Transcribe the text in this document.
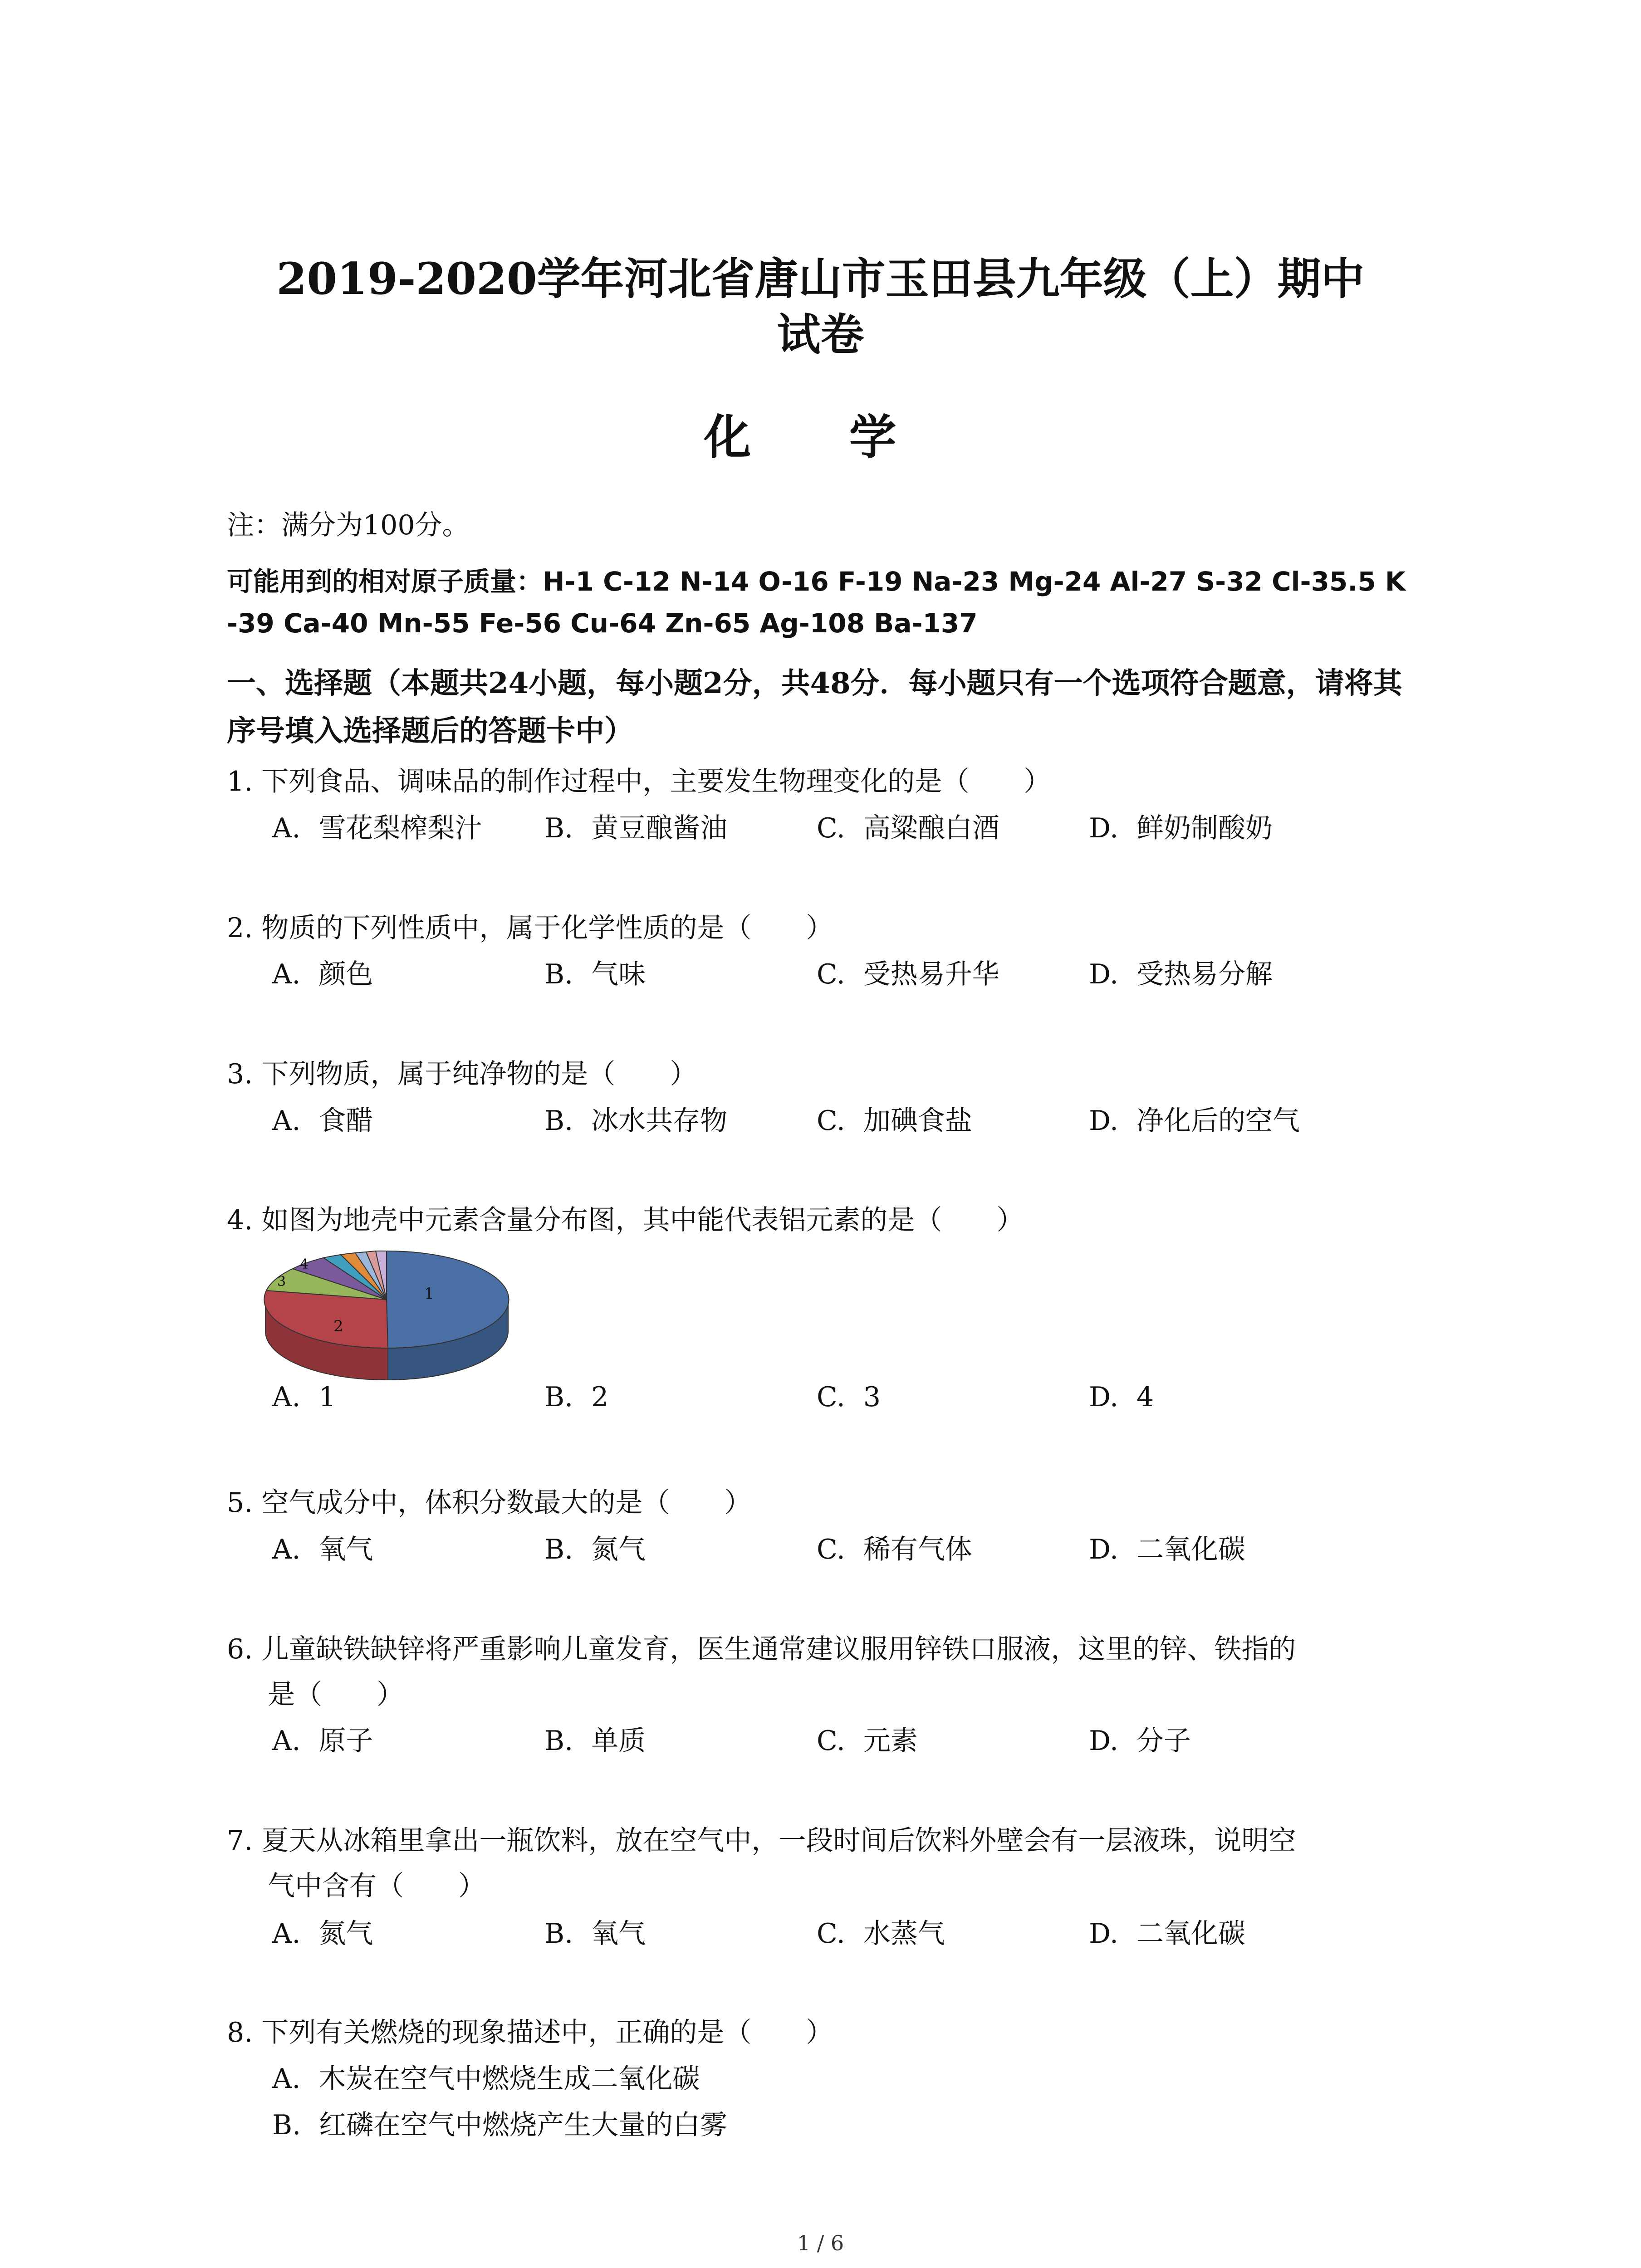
2019-2020学年河北省唐山市玉田县九年级（上）期中
试卷
化 学
注：满分为100分。
可能用到的相对原子质量：H-1 C-12 N-14 O-16 F-19 Na-23 Mg-24 Al-27 S-32 Cl-35.5 K
-39 Ca-40 Mn-55 Fe-56 Cu-64 Zn-65 Ag-108 Ba-137
一、选择题（本题共24小题，每小题2分，共48分．每小题只有一个选项符合题意，请将其
序号填入选择题后的答题卡中）
1. 下列食品、调味品的制作过程中，主要发生物理变化的是（　　）
A. 雪花梨榨梨汁 B. 黄豆酿酱油	C. 高粱酿白酒	D. 鲜奶制酸奶
2. 物质的下列性质中，属于化学性质的是（　　）
A. 颜色	B. 气味	C. 受热易升华	D. 受热易分解
3. 下列物质，属于纯净物的是（　　）
A. 食醋	B. 冰水共存物	C. 加碘食盐	D. 净化后的空气
4. 如图为地壳中元素含量分布图，其中能代表铝元素的是（　　）
1
2
3
4
A. 1	B. 2	C. 3	D. 4
5. 空气成分中，体积分数最大的是（　　）
A. 氧气	B. 氮气	C. 稀有气体	D. 二氧化碳
6. 儿童缺铁缺锌将严重影响儿童发育，医生通常建议服用锌铁口服液，这里的锌、铁指的
是（　　）
A. 原子	B. 单质	C. 元素	D. 分子
7. 夏天从冰箱里拿出一瓶饮料，放在空气中，一段时间后饮料外壁会有一层液珠，说明空
气中含有（　　）
A. 氮气	B. 氧气	C. 水蒸气	D. 二氧化碳
8. 下列有关燃烧的现象描述中，正确的是（　　）
A. 木炭在空气中燃烧生成二氧化碳
B. 红磷在空气中燃烧产生大量的白雾
1 / 6
